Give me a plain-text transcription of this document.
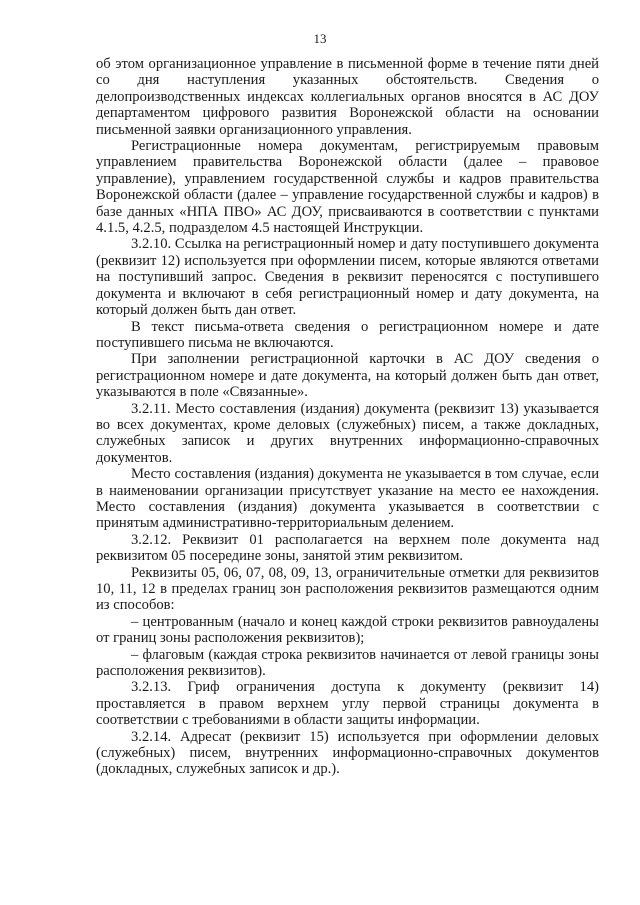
13

об этом организационное управление в письменной форме в течение пяти дней со дня наступления указанных обстоятельств. Сведения о делопроизводственных индексах коллегиальных органов вносятся в АС ДОУ департаментом цифрового развития Воронежской области на основании письменной заявки организационного управления.

Регистрационные номера документам, регистрируемым правовым управлением правительства Воронежской области (далее – правовое управление), управлением государственной службы и кадров правительства Воронежской области (далее – управление государственной службы и кадров) в базе данных «НПА ПВО» АС ДОУ, присваиваются в соответствии с пунктами 4.1.5, 4.2.5, подразделом 4.5 настоящей Инструкции.

3.2.10. Ссылка на регистрационный номер и дату поступившего документа (реквизит 12) используется при оформлении писем, которые являются ответами на поступивший запрос. Сведения в реквизит переносятся с поступившего документа и включают в себя регистрационный номер и дату документа, на который должен быть дан ответ.

В текст письма-ответа сведения о регистрационном номере и дате поступившего письма не включаются.

При заполнении регистрационной карточки в АС ДОУ сведения о регистрационном номере и дате документа, на который должен быть дан ответ, указываются в поле «Связанные».

3.2.11. Место составления (издания) документа (реквизит 13) указывается во всех документах, кроме деловых (служебных) писем, а также докладных, служебных записок и других внутренних информационно-справочных документов.

Место составления (издания) документа не указывается в том случае, если в наименовании организации присутствует указание на место ее нахождения. Место составления (издания) документа указывается в соответствии с принятым административно-территориальным делением.

3.2.12. Реквизит 01 располагается на верхнем поле документа над реквизитом 05 посередине зоны, занятой этим реквизитом.

Реквизиты 05, 06, 07, 08, 09, 13, ограничительные отметки для реквизитов 10, 11, 12 в пределах границ зон расположения реквизитов размещаются одним из способов:

– центрованным (начало и конец каждой строки реквизитов равноудалены от границ зоны расположения реквизитов);

– флаговым (каждая строка реквизитов начинается от левой границы зоны расположения реквизитов).

3.2.13. Гриф ограничения доступа к документу (реквизит 14) проставляется в правом верхнем углу первой страницы документа в соответствии с требованиями в области защиты информации.

3.2.14. Адресат (реквизит 15) используется при оформлении деловых (служебных) писем, внутренних информационно-справочных документов (докладных, служебных записок и др.).
